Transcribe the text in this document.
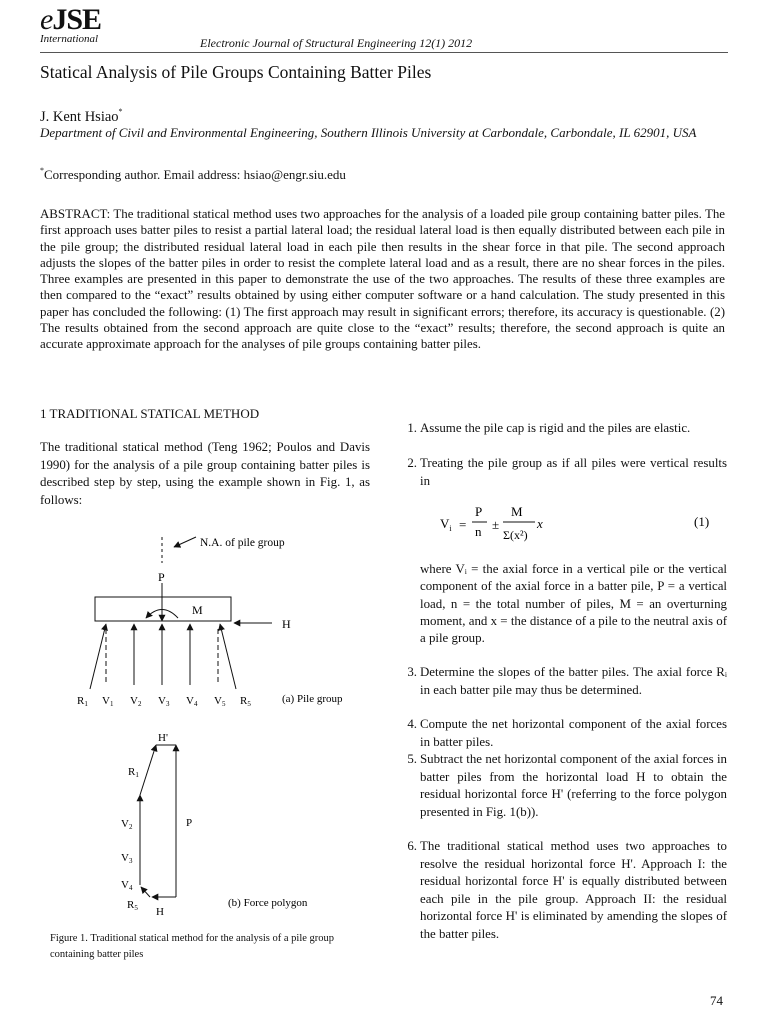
eJSE
International	Electronic Journal of Structural Engineering 12(1) 2012
Statical Analysis of Pile Groups Containing Batter Piles
J. Kent Hsiao*
Department of Civil and Environmental Engineering, Southern Illinois University at Carbondale, Carbondale, IL 62901, USA
*Corresponding author. Email address: hsiao@engr.siu.edu
ABSTRACT: The traditional statical method uses two approaches for the analysis of a loaded pile group containing batter piles. The first approach uses batter piles to resist a partial lateral load; the residual lateral load is then equally distributed between each pile in the pile group; the distributed residual lateral load in each pile then results in the shear force in that pile. The second approach adjusts the slopes of the batter piles in order to resist the complete lateral load and as a result, there are no shear forces in the piles. Three examples are presented in this paper to demonstrate the use of the two approaches. The results of these three examples are then compared to the “exact” results obtained by using either computer software or a hand calculation. The study presented in this paper has concluded the following: (1) The first approach may result in significant errors; therefore, its accuracy is questionable. (2) The results obtained from the second approach are quite close to the “exact” results; therefore, the second approach is quite an accurate approximate approach for the analyses of pile groups containing batter piles.
1 TRADITIONAL STATICAL METHOD
The traditional statical method (Teng 1962; Poulos and Davis 1990) for the analysis of a pile group containing batter piles is described step by step, using the example shown in Fig. 1, as follows:
N.A. of pile group
P
M
H
R1 V1 V2 V3 V4 V5 R5	(a) Pile group
H'
P
R1
V2
V3
V4
R5 H
(b) Force polygon
Figure 1. Traditional statical method for the analysis of a pile group containing batter piles
1. Assume the pile cap is rigid and the piles are elastic.
2. Treating the pile group as if all piles were vertical results in
3. Determine the slopes of the batter piles. The axial force Rᵢ in each batter pile may thus be determined.
4. Compute the net horizontal component of the axial forces in batter piles.
5. Subtract the net horizontal component of the axial forces in batter piles from the horizontal load H to obtain the residual horizontal force H' (referring to the force polygon presented in Fig. 1(b)).
6. The traditional statical method uses two approaches to resolve the residual horizontal force H'. Approach I: the residual horizontal force H' is equally distributed between each pile in the pile group. Approach II: the residual horizontal force H' is eliminated by amending the slopes of the batter piles.
$V_i$ =
P
n ±
M
Σ(x²)
x	(1)
where Vᵢ = the axial force in a vertical pile or the vertical component of the axial force in a batter pile, P = a vertical load, n = the total number of piles, M = an overturning moment, and x = the distance of a pile to the neutral axis of a pile group.
74
